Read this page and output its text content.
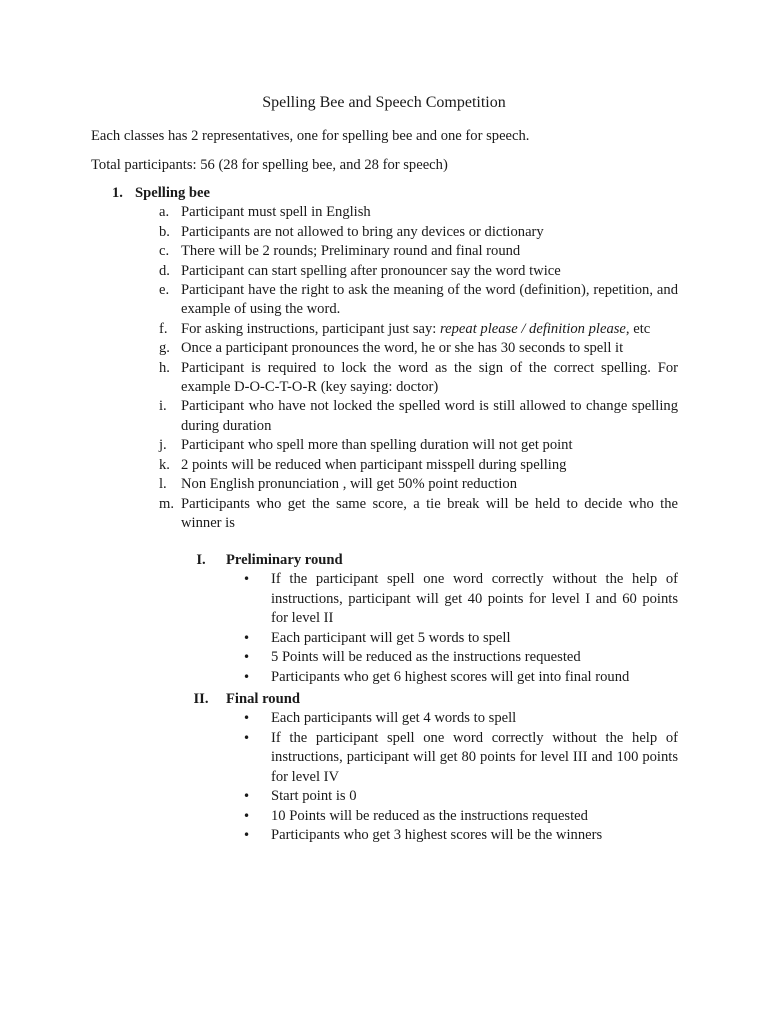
Spelling Bee and Speech Competition
Each classes has 2 representatives, one for spelling bee and one for speech.
Total participants: 56 (28 for spelling bee, and 28 for speech)
1. Spelling bee
a. Participant must spell in English
b. Participants are not allowed to bring any devices or dictionary
c. There will be 2 rounds; Preliminary round and final round
d. Participant can start spelling after pronouncer say the word twice
e. Participant have the right to ask the meaning of the word (definition), repetition, and example of using the word.
f. For asking instructions, participant just say: repeat please / definition please, etc
g. Once a participant pronounces the word, he or she has 30 seconds to spell it
h. Participant is required to lock the word as the sign of the correct spelling. For example D-O-C-T-O-R (key saying: doctor)
i. Participant who have not locked the spelled word is still allowed to change spelling during duration
j. Participant who spell more than spelling duration will not get point
k. 2 points will be reduced when participant misspell during spelling
l. Non English pronunciation , will get 50% point reduction
m. Participants who get the same score, a tie break will be held to decide who the winner is
I.	Preliminary round
• If the participant spell one word correctly without the help of instructions, participant will get 40 points for level I and 60 points for level II
• Each participant will get 5 words to spell
• 5 Points will be reduced as the instructions requested
• Participants who get 6 highest scores will get into final round
II.	Final round
• Each participants will get 4 words to spell
• If the participant spell one word correctly without the help of instructions, participant will get 80 points for level III and 100 points for level IV
• Start point is 0
• 10 Points will be reduced as the instructions requested
• Participants who get 3 highest scores will be the winners
